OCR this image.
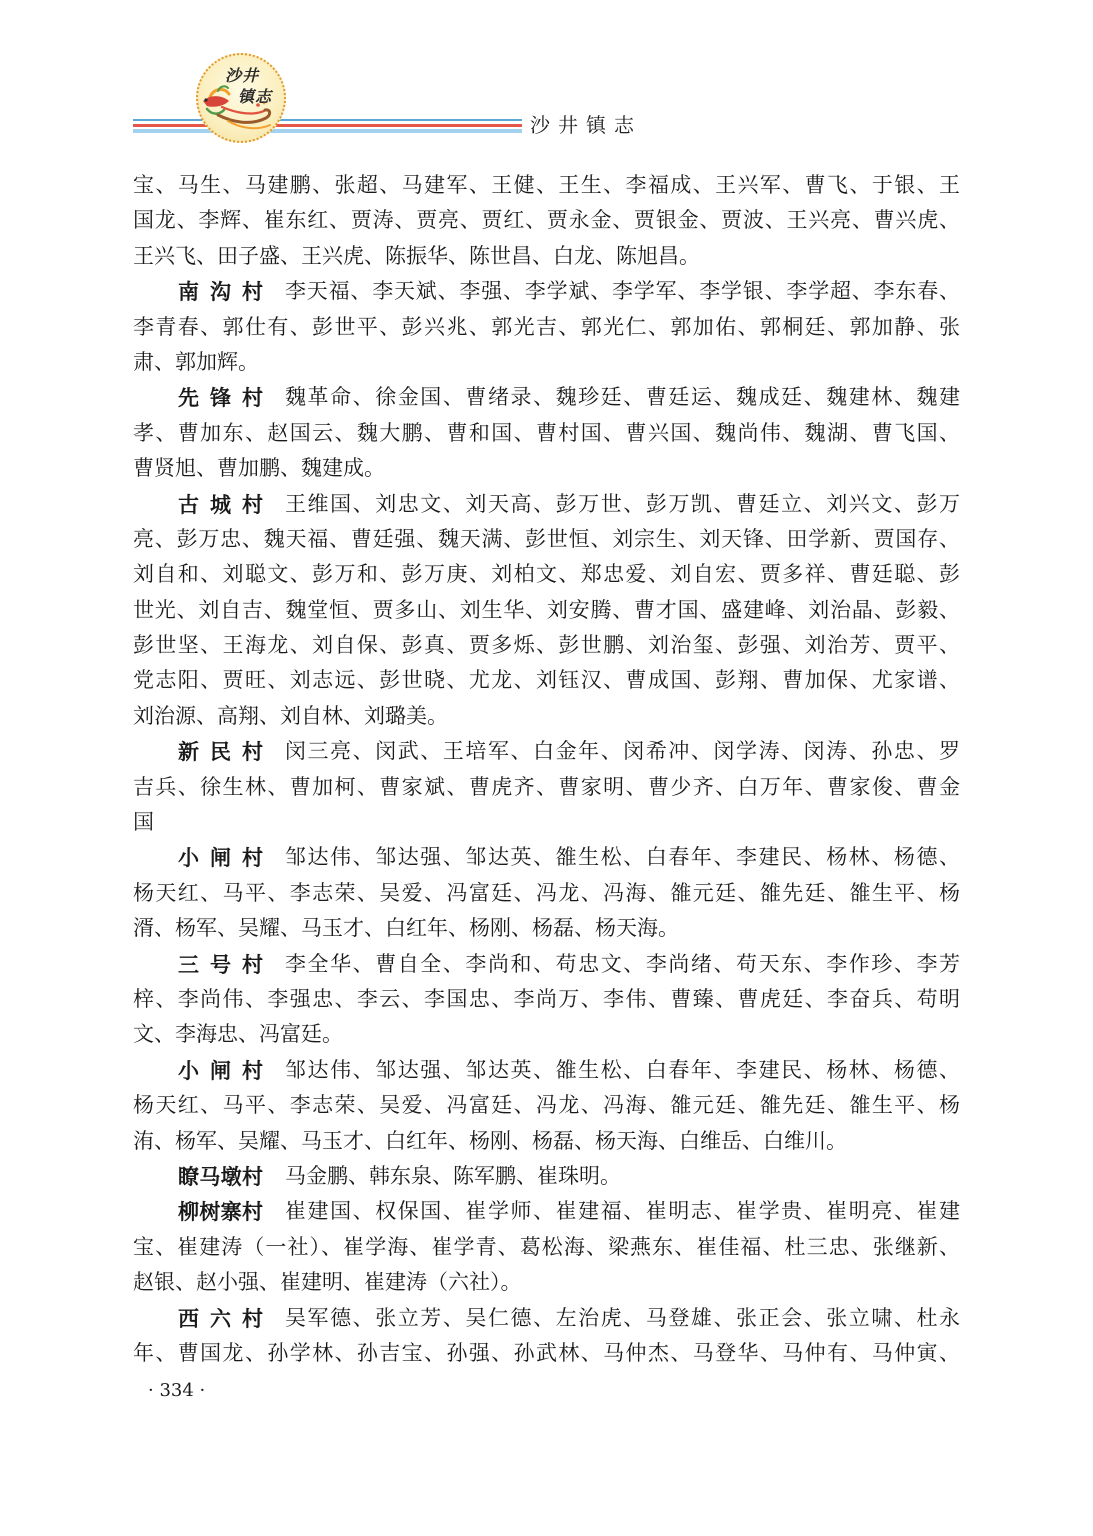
沙井
镇志
沙井镇志
宝、马生、马建鹏、张超、马建军、王健、王生、李福成、王兴军、曹飞、于银、王
国龙、李辉、崔东红、贾涛、贾亮、贾红、贾永金、贾银金、贾波、王兴亮、曹兴虎、
王兴飞、田子盛、王兴虎、陈振华、陈世昌、白龙、陈旭昌。
南沟村 李天福、李天斌、李强、李学斌、李学军、李学银、李学超、李东春、
李青春、郭仕有、彭世平、彭兴兆、郭光吉、郭光仁、郭加佑、郭桐廷、郭加静、张
肃、郭加辉。
先锋村 魏革命、徐金国、曹绪录、魏珍廷、曹廷运、魏成廷、魏建林、魏建
孝、曹加东、赵国云、魏大鹏、曹和国、曹村国、曹兴国、魏尚伟、魏湖、曹飞国、
曹贤旭、曹加鹏、魏建成。
古城村 王维国、刘忠文、刘天高、彭万世、彭万凯、曹廷立、刘兴文、彭万
亮、彭万忠、魏天福、曹廷强、魏天满、彭世恒、刘宗生、刘天锋、田学新、贾国存、
刘自和、刘聪文、彭万和、彭万庚、刘柏文、郑忠爱、刘自宏、贾多祥、曹廷聪、彭
世光、刘自吉、魏堂恒、贾多山、刘生华、刘安腾、曹才国、盛建峰、刘治晶、彭毅、
彭世坚、王海龙、刘自保、彭真、贾多烁、彭世鹏、刘治玺、彭强、刘治芳、贾平、
党志阳、贾旺、刘志远、彭世晓、尤龙、刘钰汉、曹成国、彭翔、曹加保、尤家谱、
刘治源、高翔、刘自林、刘璐美。
新民村 闵三亮、闵武、王培军、白金年、闵希冲、闵学涛、闵涛、孙忠、罗
吉兵、徐生林、曹加柯、曹家斌、曹虎齐、曹家明、曹少齐、白万年、曹家俊、曹金
国
小闸村 邹达伟、邹达强、邹达英、雒生松、白春年、李建民、杨林、杨德、
杨天红、马平、李志荣、吴爱、冯富廷、冯龙、冯海、雒元廷、雒先廷、雒生平、杨
湑、杨军、吴耀、马玉才、白红年、杨刚、杨磊、杨天海。
三号村 李全华、曹自全、李尚和、苟忠文、李尚绪、苟天东、李作珍、李芳
梓、李尚伟、李强忠、李云、李国忠、李尚万、李伟、曹臻、曹虎廷、李奋兵、苟明
文、李海忠、冯富廷。
小闸村 邹达伟、邹达强、邹达英、雒生松、白春年、李建民、杨林、杨德、
杨天红、马平、李志荣、吴爱、冯富廷、冯龙、冯海、雒元廷、雒先廷、雒生平、杨
洧、杨军、吴耀、马玉才、白红年、杨刚、杨磊、杨天海、白维岳、白维川。
瞭马墩村 马金鹏、韩东泉、陈军鹏、崔珠明。
柳树寨村 崔建国、权保国、崔学师、崔建福、崔明志、崔学贵、崔明亮、崔建
宝、崔建涛（一社）、崔学海、崔学青、葛松海、梁燕东、崔佳福、杜三忠、张继新、
赵银、赵小强、崔建明、崔建涛（六社）。
西六村 吴军德、张立芳、吴仁德、左治虎、马登雄、张正会、张立啸、杜永
年、曹国龙、孙学林、孙吉宝、孙强、孙武林、马仲杰、马登华、马仲有、马仲寅、
· 334 ·
